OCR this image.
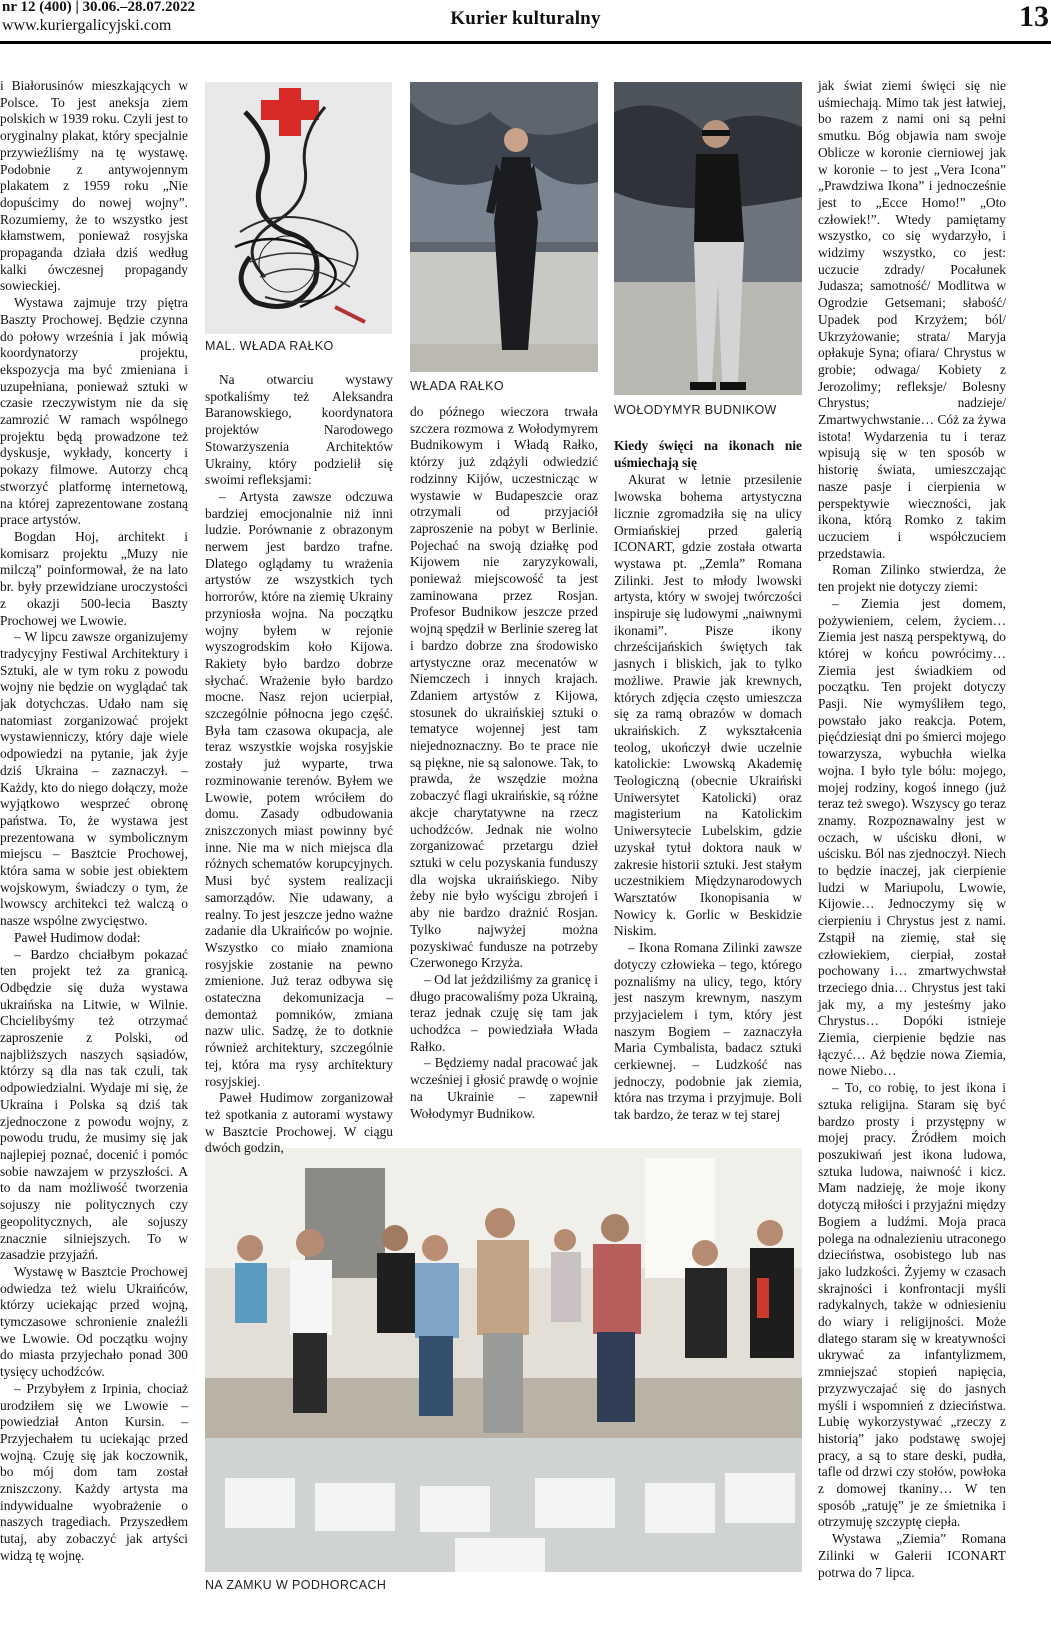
nr 12 (400) | 30.06.–28.07.2022
www.kuriergalicyjski.com	Kurier kulturalny	13
MAL. WŁADA RAŁKO
WŁADA RAŁKO
WOŁODYMYR BUDNIKOW
NA ZAMKU W PODHORCACH

i Białorusinów mieszkających w Polsce. To jest aneksja ziem polskich w 1939 roku. Czyli jest to oryginalny plakat, który specjalnie przywieźliśmy na tę wystawę. Podobnie z antywojennym plakatem z 1959 roku „Nie dopuścimy do nowej wojny”. Rozumiemy, że to wszystko jest kłamstwem, ponieważ rosyjska propaganda działa dziś według kalki ówczesnej propagandy sowieckiej.

Wystawa zajmuje trzy piętra Baszty Prochowej. Będzie czynna do połowy września i jak mówią koordynatorzy projektu, ekspozycja ma być zmieniana i uzupełniana, ponieważ sztuki w czasie rzeczywistym nie da się zamrozić W ramach wspólnego projektu będą prowadzone też dyskusje, wykłady, koncerty i pokazy filmowe. Autorzy chcą stworzyć platformę internetową, na której zaprezentowane zostaną prace artystów.

Bogdan Hoj, architekt i komisarz projektu „Muzy nie milczą” poinformował, że na lato br. były przewidziane uroczystości z okazji 500-lecia Baszty Prochowej we Lwowie.

– W lipcu zawsze organizujemy tradycyjny Festiwal Architektury i Sztuki, ale w tym roku z powodu wojny nie będzie on wyglądać tak jak dotychczas. Udało nam się natomiast zorganizować projekt wystawienniczy, który daje wiele odpowiedzi na pytanie, jak żyje dziś Ukraina – zaznaczył. – Każdy, kto do niego dołączy, może wyjątkowo wesprzeć obronę państwa. To, że wystawa jest prezentowana w symbolicznym miejscu – Basztcie Prochowej, która sama w sobie jest obiektem wojskowym, świadczy o tym, że lwowscy architekci też walczą o nasze wspólne zwycięstwo.

Paweł Hudimow dodał:

– Bardzo chciałbym pokazać ten projekt też za granicą. Odbędzie się duża wystawa ukraińska na Litwie, w Wilnie. Chcielibyśmy też otrzymać zaproszenie z Polski, od najbliższych naszych sąsiadów, którzy są dla nas tak czuli, tak odpowiedzialni. Wydaje mi się, że Ukraina i Polska są dziś tak zjednoczone z powodu wojny, z powodu trudu, że musimy się jak najlepiej poznać, docenić i pomóc sobie nawzajem w przyszłości. A to da nam możliwość tworzenia sojuszy nie politycznych czy geopolitycznych, ale sojuszy znacznie silniejszych. To w zasadzie przyjaźń.

Wystawę w Basztcie Prochowej odwiedza też wielu Ukraińców, którzy uciekając przed wojną, tymczasowe schronienie znaleźli we Lwowie. Od początku wojny do miasta przyjechało ponad 300 tysięcy uchodźców.

– Przybyłem z Irpinia, chociaż urodziłem się we Lwowie – powiedział Anton Kursin. – Przyjechałem tu uciekając przed wojną. Czuję się jak koczownik, bo mój dom tam został zniszczony. Każdy artysta ma indywidualne wyobrażenie o naszych tragediach. Przyszedłem tutaj, aby zobaczyć jak artyści widzą tę wojnę.

Na otwarciu wystawy spotkaliśmy też Aleksandra Baranowskiego, koordynatora projektów Narodowego Stowarzyszenia Architektów Ukrainy, który podzielił się swoimi refleksjami:

– Artysta zawsze odczuwa bardziej emocjonalnie niż inni ludzie. Porównanie z obrazonym nerwem jest bardzo trafne. Dlatego oglądamy tu wrażenia artystów ze wszystkich tych horrorów, które na ziemię Ukrainy przyniosła wojna. Na początku wojny byłem w rejonie wyszogrodskim koło Kijowa. Rakiety było bardzo dobrze słychać. Wrażenie było bardzo mocne. Nasz rejon ucierpiał, szczególnie północna jego część. Była tam czasowa okupacja, ale teraz wszystkie wojska rosyjskie zostały już wyparte, trwa rozminowanie terenów. Byłem we Lwowie, potem wróciłem do domu. Zasady odbudowania zniszczonych miast powinny być inne. Nie ma w nich miejsca dla różnych schematów korupcyjnych. Musi być system realizacji samorządów. Nie udawany, a realny. To jest jeszcze jedno ważne zadanie dla Ukraińców po wojnie. Wszystko co miało znamiona rosyjskie zostanie na pewno zmienione. Już teraz odbywa się ostateczna dekomunizacja – demontaż pomników, zmiana nazw ulic. Sadzę, że to dotknie również architektury, szczególnie tej, która ma rysy architektury rosyjskiej.

Paweł Hudimow zorganizował też spotkania z autorami wystawy w Basztcie Prochowej. W ciągu dwóch godzin,

do późnego wieczora trwała szczera rozmowa z Wołodymyrem Budnikowym i Władą Rałko, którzy już zdążyli odwiedzić rodzinny Kijów, uczestnicząc w wystawie w Budapeszcie oraz otrzymali od przyjaciół zaproszenie na pobyt w Berlinie. Pojechać na swoją działkę pod Kijowem nie zaryzykowali, ponieważ miejscowość ta jest zaminowana przez Rosjan. Profesor Budnikow jeszcze przed wojną spędził w Berlinie szereg lat i bardzo dobrze zna środowisko artystyczne oraz mecenatów w Niemczech i innych krajach. Zdaniem artystów z Kijowa, stosunek do ukraińskiej sztuki o tematyce wojennej jest tam niejednoznaczny. Bo te prace nie są piękne, nie są salonowe. Tak, to prawda, że wszędzie można zobaczyć flagi ukraińskie, są różne akcje charytatywne na rzecz uchodźców. Jednak nie wolno zorganizować przetargu dzieł sztuki w celu pozyskania funduszy dla wojska ukraińskiego. Niby żeby nie było wyścigu zbrojeń i aby nie bardzo drażnić Rosjan. Tylko najwyżej można pozyskiwać fundusze na potrzeby Czerwonego Krzyża.

– Od lat jeździliśmy za granicę i długo pracowaliśmy poza Ukrainą, teraz jednak czuję się tam jak uchodźca – powiedziała Włada Rałko.

– Będziemy nadal pracować jak wcześniej i głosić prawdę o wojnie na Ukrainie – zapewnił Wołodymyr Budnikow.

Kiedy święci na ikonach nie uśmiechają się

Akurat w letnie przesilenie lwowska bohema artystyczna licznie zgromadziła się na ulicy Ormiańskiej przed galerią ICONART, gdzie została otwarta wystawa pt. „Zemla” Romana Zilinki. Jest to młody lwowski artysta, który w swojej twórczości inspiruje się ludowymi „naiwnymi ikonami”. Pisze ikony chrześcijańskich świętych tak jasnych i bliskich, jak to tylko możliwe. Prawie jak krewnych, których zdjęcia często umieszcza się za ramą obrazów w domach ukraińskich. Z wykształcenia teolog, ukończył dwie uczelnie katolickie: Lwowską Akademię Teologiczną (obecnie Ukraiński Uniwersytet Katolicki) oraz magisterium na Katolickim Uniwersytecie Lubelskim, gdzie uzyskał tytuł doktora nauk w zakresie historii sztuki. Jest stałym uczestnikiem Międzynarodowych Warsztatów Ikonopisania w Nowicy k. Gorlic w Beskidzie Niskim.

– Ikona Romana Zilinki zawsze dotyczy człowieka – tego, którego poznaliśmy na ulicy, tego, który jest naszym krewnym, naszym przyjacielem i tym, który jest naszym Bogiem – zaznaczyła Maria Cymbalista, badacz sztuki cerkiewnej. – Ludzkość nas jednoczy, podobnie jak ziemia, która nas trzyma i przyjmuje. Boli tak bardzo, że teraz w tej starej

jak świat ziemi święci się nie uśmiechają. Mimo tak jest łatwiej, bo razem z nami oni są pełni smutku. Bóg objawia nam swoje Oblicze w koronie cierniowej jak w koronie – to jest „Vera Icona” „Prawdziwa Ikona” i jednocześnie jest to „Ecce Homo!” „Oto człowiek!”. Wtedy pamiętamy wszystko, co się wydarzyło, i widzimy wszystko, co jest: uczucie zdrady/ Pocałunek Judasza; samotność/ Modlitwa w Ogrodzie Getsemani; słabość/ Upadek pod Krzyżem; ból/ Ukrzyżowanie; strata/ Maryja opłakuje Syna; ofiara/ Chrystus w grobie; odwaga/ Kobiety z Jerozolimy; refleksje/ Bolesny Chrystus; nadzieje/ Zmartwychwstanie… Cóż za żywa istota! Wydarzenia tu i teraz wpisują się w ten sposób w historię świata, umieszczając nasze pasje i cierpienia w perspektywie wieczności, jak ikona, którą Romko z takim uczuciem i współczuciem przedstawia.

Roman Zilinko stwierdza, że ten projekt nie dotyczy ziemi:

– Ziemia jest domem, pożywieniem, celem, życiem… Ziemia jest naszą perspektywą, do której w końcu powrócimy… Ziemia jest świadkiem od początku. Ten projekt dotyczy Pasji. Nie wymyśliłem tego, powstało jako reakcja. Potem, pięćdziesiąt dni po śmierci mojego towarzysza, wybuchła wielka wojna. I było tyle bólu: mojego, mojej rodziny, kogoś innego (już teraz też swego). Wszyscy go teraz znamy. Rozpoznawalny jest w oczach, w uścisku dłoni, w uścisku. Ból nas zjednoczył. Niech to będzie inaczej, jak cierpienie ludzi w Mariupolu, Lwowie, Kijowie… Jednoczymy się w cierpieniu i Chrystus jest z nami. Zstąpił na ziemię, stał się człowiekiem, cierpiał, został pochowany i… zmartwychwstał trzeciego dnia… Chrystus jest taki jak my, a my jesteśmy jako Chrystus… Dopóki istnieje Ziemia, cierpienie będzie nas łączyć… Aż będzie nowa Ziemia, nowe Niebo…

– To, co robię, to jest ikona i sztuka religijna. Staram się być bardzo prosty i przystępny w mojej pracy. Źródłem moich poszukiwań jest ikona ludowa, sztuka ludowa, naiwność i kicz. Mam nadzieję, że moje ikony dotyczą miłości i przyjaźni między Bogiem a ludźmi. Moja praca polega na odnalezieniu utraconego dzieciństwa, osobistego lub nas jako ludzkości. Żyjemy w czasach skrajności i konfrontacji myśli radykalnych, także w odniesieniu do wiary i religijności. Może dlatego staram się w kreatywności ukrywać za infantylizmem, zmniejszać stopień napięcia, przyzwyczajać się do jasnych myśli i wspomnień z dzieciństwa. Lubię wykorzystywać „rzeczy z historią” jako podstawę swojej pracy, a są to stare deski, pudła, tafle od drzwi czy stołów, powłoka z domowej tkaniny… W ten sposób „ratuję” je ze śmietnika i otrzymuję szczyptę ciepła.

Wystawa „Ziemia” Romana Zilinki w Galerii ICONART potrwa do 7 lipca.
